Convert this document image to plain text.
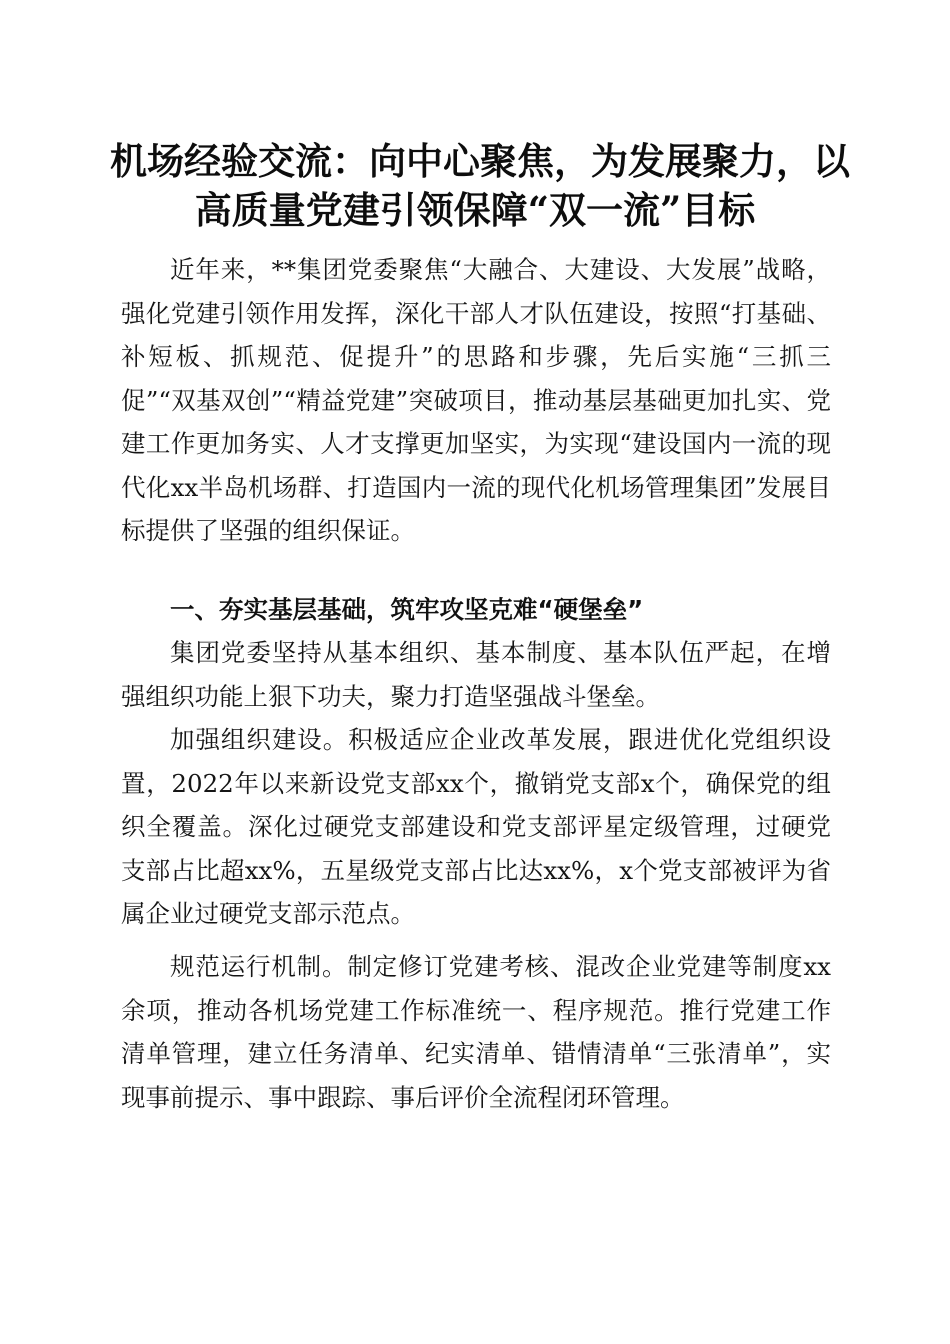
机场经验交流：向中心聚焦，为发展聚力，以
高质量党建引领保障“双一流”目标

近年来，**集团党委聚焦“大融合、大建设、大发展”战略，强化党建引领作用发挥，深化干部人才队伍建设，按照“打基础、补短板、抓规范、促提升”的思路和步骤，先后实施“三抓三促”“双基双创”“精益党建”突破项目，推动基层基础更加扎实、党建工作更加务实、人才支撑更加坚实，为实现“建设国内一流的现代化xx半岛机场群、打造国内一流的现代化机场管理集团”发展目标提供了坚强的组织保证。

一、夯实基层基础，筑牢攻坚克难“硬堡垒”

集团党委坚持从基本组织、基本制度、基本队伍严起，在增强组织功能上狠下功夫，聚力打造坚强战斗堡垒。

加强组织建设。积极适应企业改革发展，跟进优化党组织设置，2022年以来新设党支部xx个，撤销党支部x个，确保党的组织全覆盖。深化过硬党支部建设和党支部评星定级管理，过硬党支部占比超xx%，五星级党支部占比达xx%，x个党支部被评为省属企业过硬党支部示范点。

规范运行机制。制定修订党建考核、混改企业党建等制度xx余项，推动各机场党建工作标准统一、程序规范。推行党建工作清单管理，建立任务清单、纪实清单、错情清单“三张清单”，实现事前提示、事中跟踪、事后评价全流程闭环管理。
